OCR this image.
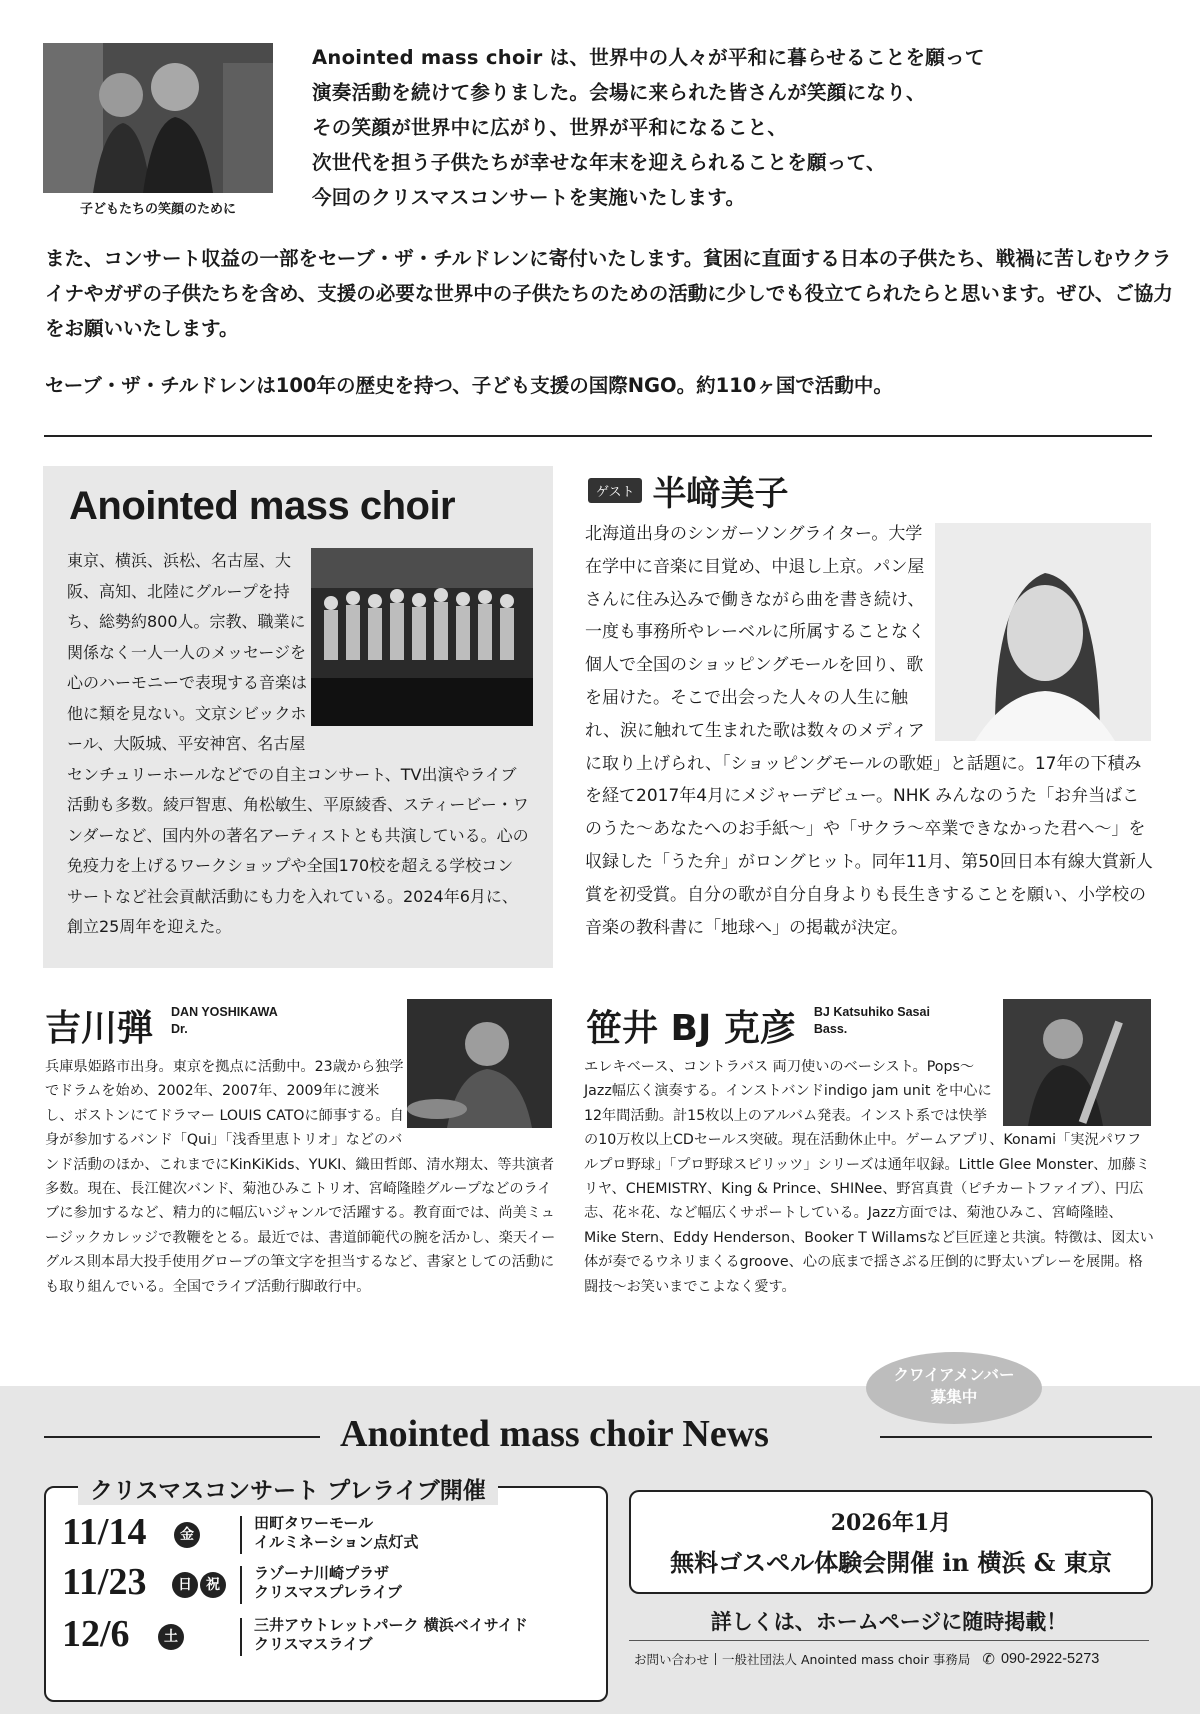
子どもたちの笑顔のために

Anointed mass choir は、世界中の人々が平和に暮らせることを願って

演奏活動を続けて参りました。会場に来られた皆さんが笑顔になり、

その笑顔が世界中に広がり、世界が平和になること、

次世代を担う子供たちが幸せな年末を迎えられることを願って、

今回のクリスマスコンサートを実施いたします。

また、コンサート収益の一部をセーブ・ザ・チルドレンに寄付いたします。貧困に直面する日本の子供たち、戦禍に苦しむウクライナやガザの子供たちを含め、支援の必要な世界中の子供たちのための活動に少しでも役立てられたらと思います。ぜひ、ご協力をお願いいたします。

セーブ・ザ・チルドレンは100年の歴史を持つ、子ども支援の国際NGO。約110ヶ国で活動中。

Anointed mass choir
東京、横浜、浜松、名古屋、大阪、高知、北陸にグループを持ち、総勢約800人。宗教、職業に関係なく一人一人のメッセージを心のハーモニーで表現する音楽は他に類を見ない。文京シビックホール、大阪城、平安神宮、名古屋センチュリーホールなどでの自主コンサート、TV出演やライブ活動も多数。綾戸智恵、角松敏生、平原綾香、スティービー・ワンダーなど、国内外の著名アーティストとも共演している。心の免疫力を上げるワークショップや全国170校を超える学校コンサートなど社会貢献活動にも力を入れている。2024年6月に、創立25周年を迎えた。
ゲスト 半﨑美子
北海道出身のシンガーソングライター。大学在学中に音楽に目覚め、中退し上京。パン屋さんに住み込みで働きながら曲を書き続け、一度も事務所やレーベルに所属することなく個人で全国のショッピングモールを回り、歌を届けた。そこで出会った人々の人生に触れ、涙に触れて生まれた歌は数々のメディアに取り上げられ、「ショッピングモールの歌姫」と話題に。17年の下積みを経て2017年4月にメジャーデビュー。NHK みんなのうた「お弁当ばこのうた〜あなたへのお手紙〜」や「サクラ〜卒業できなかった君へ〜」を収録した「うた弁」がロングヒット。同年11月、第50回日本有線大賞新人賞を初受賞。自分の歌が自分自身よりも長生きすることを願い、小学校の音楽の教科書に「地球へ」の掲載が決定。
吉川弾 DAN YOSHIKAWA
Dr.
兵庫県姫路市出身。東京を拠点に活動中。23歳から独学でドラムを始め、2002年、2007年、2009年に渡米し、ボストンにてドラマー LOUIS CATOに師事する。自身が参加するバンド「Qui」「浅香里恵トリオ」などのバンド活動のほか、これまでにKinKiKids、YUKI、織田哲郎、清水翔太、等共演者多数。現在、長江健次バンド、菊池ひみこトリオ、宮崎隆睦グループなどのライブに参加するなど、精力的に幅広いジャンルで活躍する。教育面では、尚美ミュージックカレッジで教鞭をとる。最近では、書道師範代の腕を活かし、楽天イーグルス則本昂大投手使用グローブの筆文字を担当するなど、書家としての活動にも取り組んでいる。全国でライブ活動行脚敢行中。
笹井 BJ 克彦 BJ Katsuhiko Sasai
Bass.
エレキベース、コントラバス 両刀使いのベーシスト。Pops〜Jazz幅広く演奏する。インストバンドindigo jam unit を中心に12年間活動。計15枚以上のアルバム発表。インスト系では快挙の10万枚以上CDセールス突破。現在活動休止中。ゲームアプリ、Konami「実況パワフルプロ野球」「プロ野球スピリッツ」シリーズは通年収録。Little Glee Monster、加藤ミリヤ、CHEMISTRY、King & Prince、SHINee、野宮真貴（ピチカートファイブ）、円広志、花＊花、など幅広くサポートしている。Jazz方面では、菊池ひみこ、宮崎隆睦、Mike Stern、Eddy Henderson、Booker T Willamsなど巨匠達と共演。特徴は、図太い体が奏でるウネリまくるgroove、心の底まで揺さぶる圧倒的に野太いプレーを展開。格闘技〜お笑いまでこよなく愛す。
クワイアメンバー
募集中
Anointed mass choir News
クリスマスコンサート プレライブ開催
11/14	金
田町タワーモール
イルミネーション点灯式
11/23	日	祝
ラゾーナ川崎プラザ
クリスマスプレライブ
12/6	土
三井アウトレットパーク 横浜ベイサイド
クリスマスライブ
2026年1月
無料ゴスペル体験会開催 in 横浜 & 東京
詳しくは、ホームページに随時掲載！
お問い合わせ 一般社団法人 Anointed mass choir 事務局 ✆ 090-2922-5273
